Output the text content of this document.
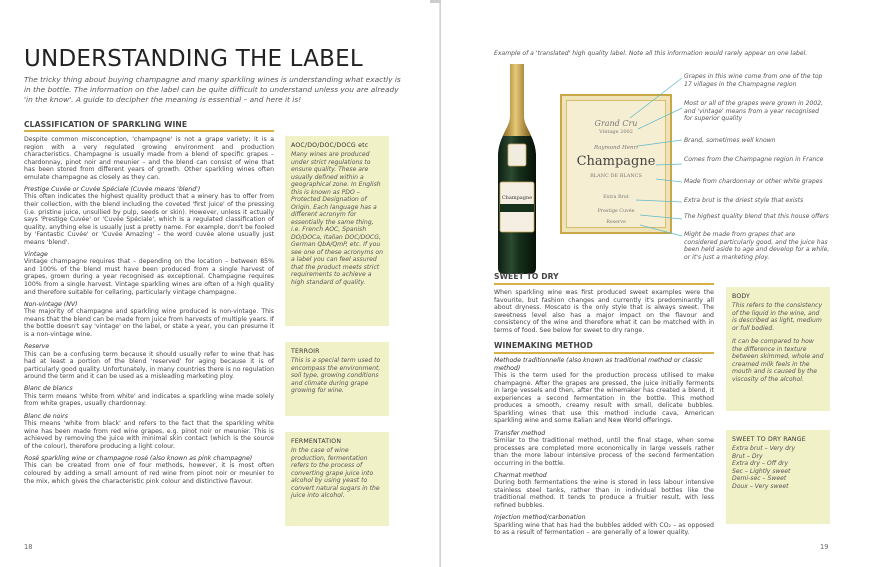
UNDERSTANDING THE LABEL

The tricky thing about buying champagne and many sparkling wines is understanding what exactly is in the bottle. The information on the label can be quite difficult to understand unless you are already 'in the know'. A guide to decipher the meaning is essential – and here it is!

CLASSIFICATION OF SPARKLING WINE

Despite common misconception, 'champagne' is not a grape variety; it is a region with a very regulated growing environment and production characteristics. Champagne is usually made from a blend of specific grapes – chardonnay, pinot noir and meunier – and the blend can consist of wine that has been stored from different years of growth. Other sparkling wines often emulate champagne as closely as they can.

Prestige Cuvée or Cuvée Spéciale (Cuvée means 'blend')

This often indicates the highest quality product that a winery has to offer from their collection, with the blend including the coveted 'first juice' of the pressing (i.e. pristine juice, unsullied by pulp, seeds or skin). However, unless it actually says 'Prestige Cuvée' or 'Cuvée Spéciale', which is a regulated classification of quality, anything else is usually just a pretty name. For example, don't be fooled by 'Fantastic Cuvée' or 'Cuvée Amazing' – the word cuvée alone usually just means 'blend'.

Vintage

Vintage champagne requires that – depending on the location – between 85% and 100% of the blend must have been produced from a single harvest of grapes, grown during a year recognised as exceptional. Champagne requires 100% from a single harvest. Vintage sparkling wines are often of a high quality and therefore suitable for cellaring, particularly vintage champagne.

Non-vintage (NV)

The majority of champagne and sparkling wine produced is non-vintage. This means that the blend can be made from juice from harvests of multiple years. If the bottle doesn't say 'vintage' on the label, or state a year, you can presume it is a non-vintage wine.

Reserve

This can be a confusing term because it should usually refer to wine that has had at least a portion of the blend 'reserved' for aging because it is of particularly good quality. Unfortunately, in many countries there is no regulation around the term and it can be used as a misleading marketing ploy.

Blanc de blancs

This term means 'white from white' and indicates a sparkling wine made solely from white grapes, usually chardonnay.

Blanc de noirs

This means 'white from black' and refers to the fact that the sparkling white wine has been made from red wine grapes, e.g. pinot noir or meunier. This is achieved by removing the juice with minimal skin contact (which is the source of the colour), therefore producing a light colour.

Rosé sparkling wine or champagne rosé (also known as pink champagne)

This can be created from one of four methods, however, it is most often coloured by adding a small amount of red wine from pinot noir or meunier to the mix, which gives the characteristic pink colour and distinctive flavour.

AOC/DO/DOC/DOCG etc
Many wines are produced under strict regulations to ensure quality. These are usually defined within a geographical zone. In English this is known as PDO – Protected Designation of Origin. Each language has a different acronym for essentially the same thing, i.e. French AOC, Spanish DO/DOCa, Italian DOC/DOCG, German QbA/QmP, etc. If you see one of these acronyms on a label you can feel assured that the product meets strict requirements to achieve a high standard of quality.
TERROIR
This is a special term used to encompass the environment, soil type, growing conditions and climate during grape growing for wine.
FERMENTATION
In the case of wine production, fermentation refers to the process of converting grape juice into alcohol by using yeast to convert natural sugars in the juice into alcohol.
18	19
Example of a 'translated' high quality label. Note all this information would rarely appear on one label.
Champagne
Grand Cru
Vintage 2002
Raymond Henri
Champagne
BLANC DE BLANCS
Extra Brut
Prestige Cuvée
Reserve
Grapes in this wine come from one of the top 17 villages in the Champagne region
Most or all of the grapes were grown in 2002, and 'vintage' means from a year recognised for superior quality
Brand, sometimes well known
Comes from the Champagne region in France
Made from chardonnay or other white grapes
Extra brut is the driest style that exists
The highest quality blend that this house offers
Might be made from grapes that are considered particularly good, and the juice has been held aside to age and develop for a while, or it's just a marketing ploy.
SWEET TO DRY

When sparkling wine was first produced sweet examples were the favourite, but fashion changes and currently it's predominantly all about dryness. Moscato is the only style that is always sweet. The sweetness level also has a major impact on the flavour and consistency of the wine and therefore what it can be matched with in terms of food. See below for sweet to dry range.

WINEMAKING METHOD
Methode traditionnelle (also known as traditional method or classic method)

This is the term used for the production process utilised to make champagne. After the grapes are pressed, the juice initially ferments in large vessels and then, after the winemaker has created a blend, it experiences a second fermentation in the bottle. This method produces a smooth, creamy result with small, delicate bubbles. Sparkling wines that use this method include cava, American sparkling wine and some Italian and New World offerings.

Transfer method

Similar to the traditional method, until the final stage, when some processes are completed more economically in large vessels rather than the more labour intensive process of the second fermentation occurring in the bottle.

Charmat method

During both fermentations the wine is stored in less labour intensive stainless steel tanks, rather than in individual bottles like the traditional method. It tends to produce a fruitier result, with less refined bubbles.

Injection method/carbonation

Sparkling wine that has had the bubbles added with CO₂ – as opposed to as a result of fermentation – are generally of a lower quality.

BODY
This refers to the consistency of the liquid in the wine, and is described as light, medium or full bodied.
It can be compared to how the difference in texture between skimmed, whole and creamed milk feels in the mouth and is caused by the viscosity of the alcohol.
SWEET TO DRY RANGE
Extra brut – Very dry
Brut – Dry
Extra dry – Off dry
Sec – Lightly sweet
Demi-sec – Sweet
Doux – Very sweet
